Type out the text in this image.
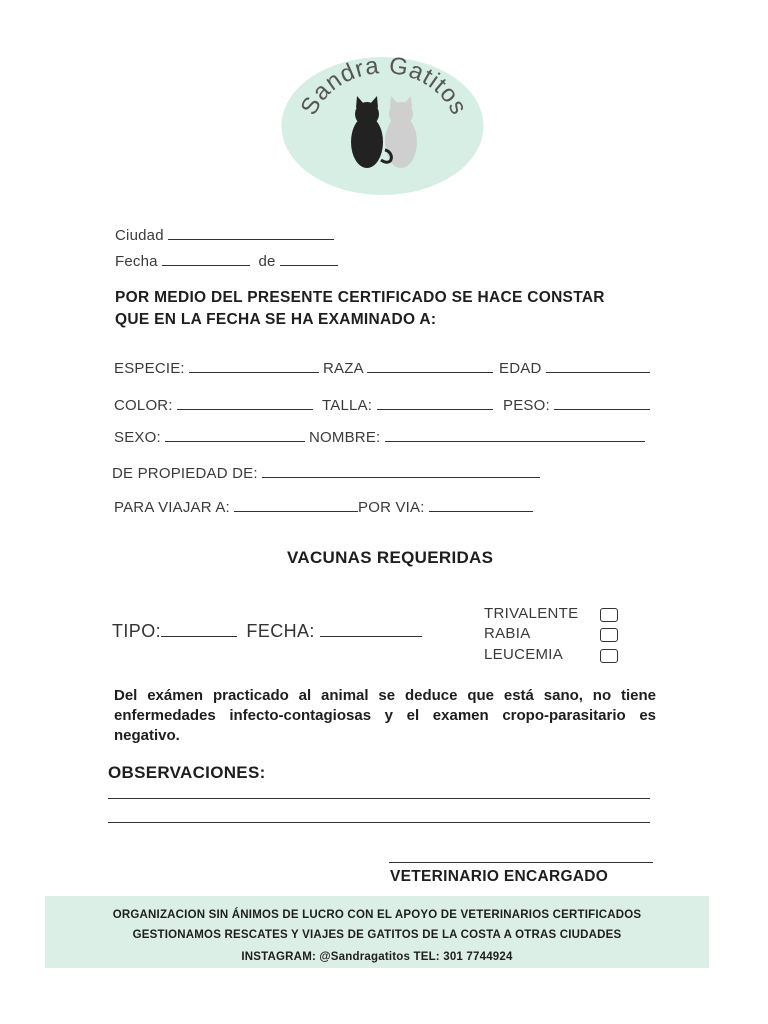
Sandra Gatitos
Ciudad
Fecha	de
POR MEDIO DEL PRESENTE CERTIFICADO SE HACE CONSTAR
QUE EN LA FECHA SE HA EXAMINADO A:
ESPECIE:	RAZA	EDAD
COLOR:	TALLA:	PESO:
SEXO:	NOMBRE:
DE PROPIEDAD DE:
PARA VIAJAR A:	POR VIA:
VACUNAS REQUERIDAS
TIPO:	FECHA:
TRIVALENTE
RABIA
LEUCEMIA
Del exámen practicado al animal se deduce que está sano, no tiene enfermedades infecto-contagiosas y el examen cropo-parasitario es negativo.
OBSERVACIONES:
VETERINARIO ENCARGADO
ORGANIZACION SIN ÁNIMOS DE LUCRO CON EL APOYO DE VETERINARIOS CERTIFICADOS
GESTIONAMOS RESCATES Y VIAJES DE GATITOS DE LA COSTA A OTRAS CIUDADES
INSTAGRAM: @Sandragatitos TEL: 301 7744924
